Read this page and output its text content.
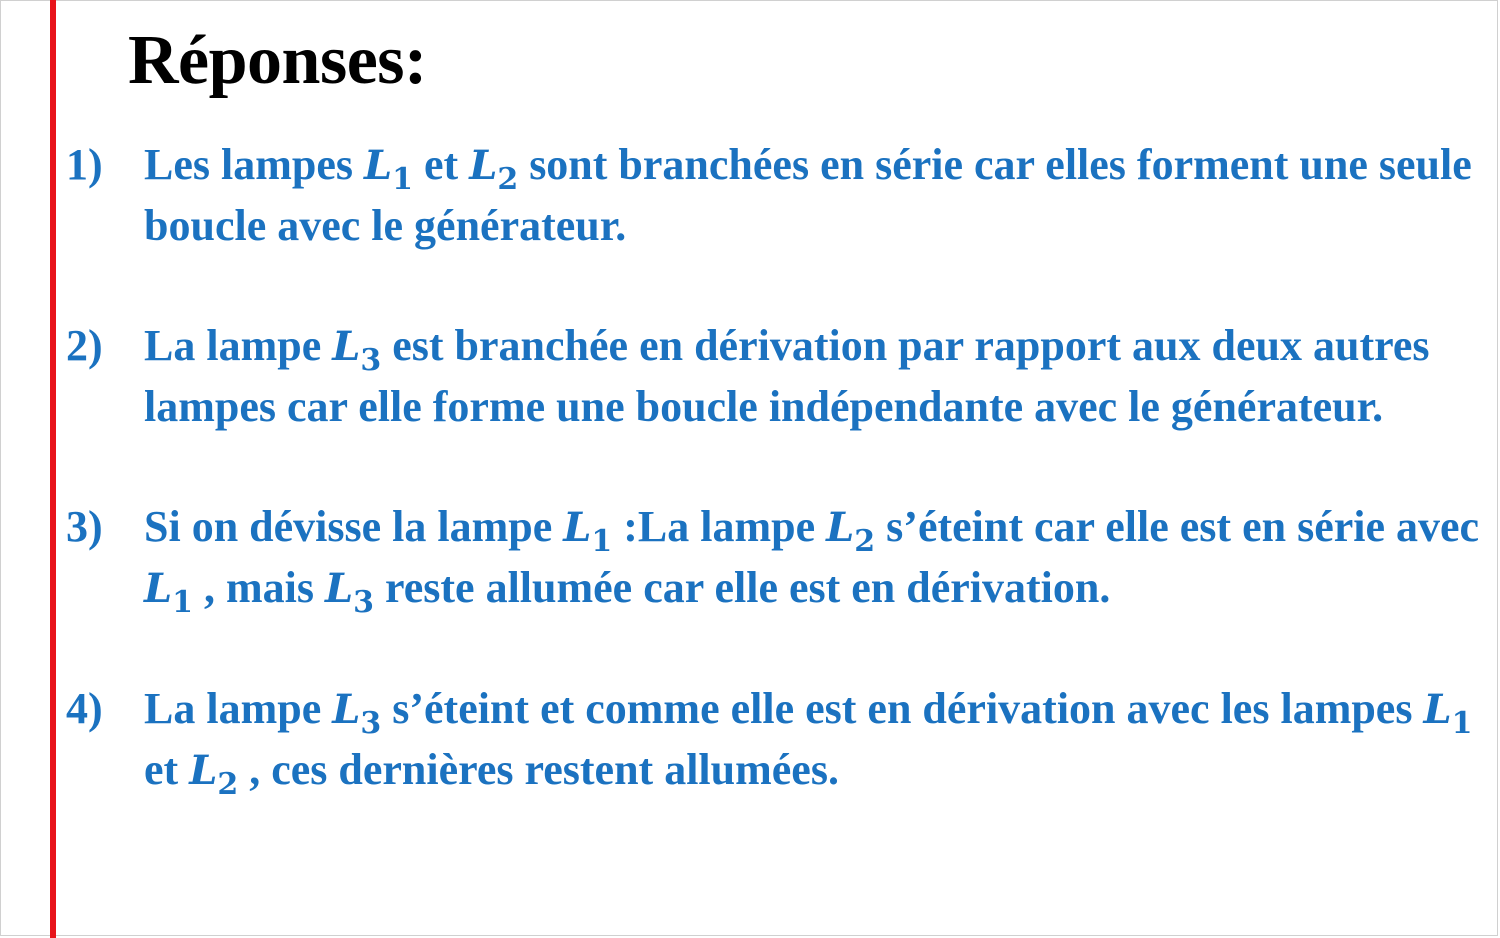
Réponses:
1) Les lampes $L_1$ et $L_2$ sont branchées en série car elles forment une seule boucle avec le générateur.
2) La lampe $L_3$ est branchée en dérivation par rapport aux deux autres lampes car elle forme une boucle indépendante avec le générateur.
3) Si on dévisse la lampe $L_1$ :La lampe $L_2$ s’éteint car elle est en série avec $L_1$ , mais $L_3$ reste allumée car elle est en dérivation.
4) La lampe $L_3$ s’éteint et comme elle est en dérivation avec les lampes $L_1$ et $L_2$ , ces dernières restent allumées.
